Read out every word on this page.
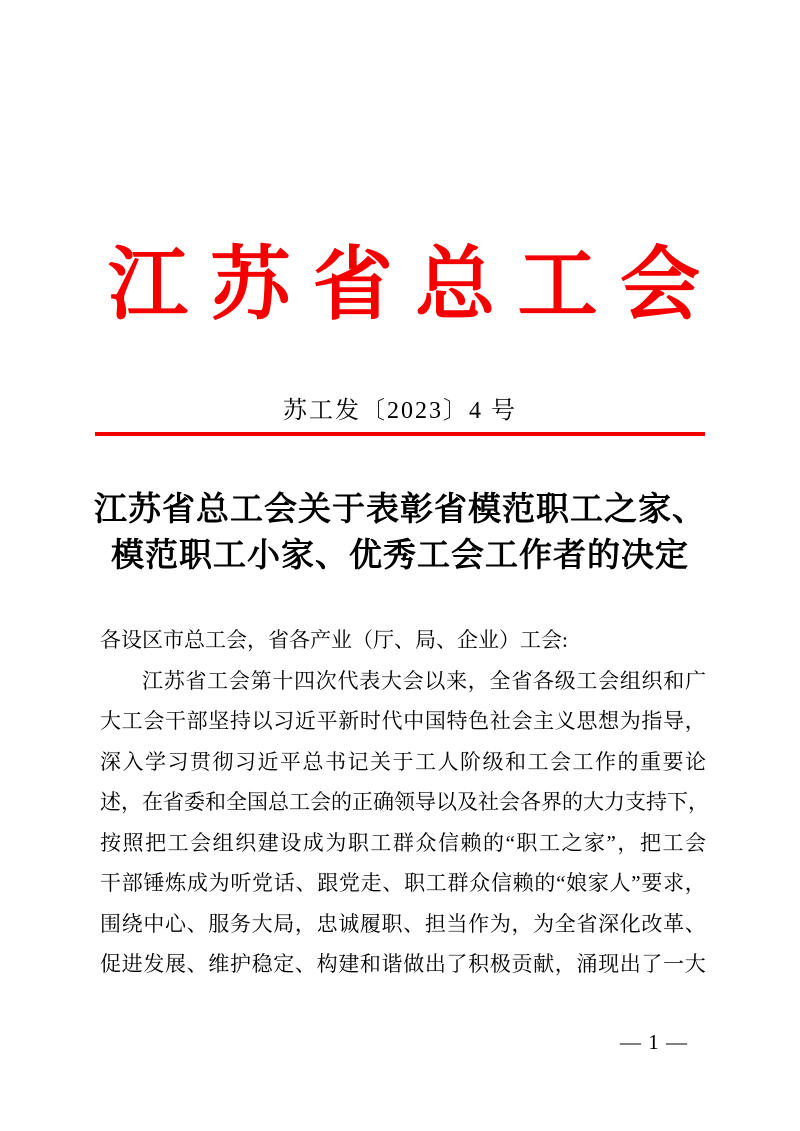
江 苏 省 总 工 会
苏工发〔2023〕4 号
江苏省总工会关于表彰省模范职工之家、
模范职工小家、优秀工会工作者的决定
各设区市总工会，省各产业（厅、局、企业）工会:
江 苏 省 工 会 第 十 四 次 代 表 大 会 以 来 ， 全 省 各 级 工 会 组 织 和 广
大 工 会 干 部 坚 持 以 习 近 平 新 时 代 中 国 特 色 社 会 主 义 思 想 为 指 导 ，
深 入 学 习 贯 彻 习 近 平 总 书 记 关 于 工 人 阶 级 和 工 会 工 作 的 重 要 论
述 ， 在 省 委 和 全 国 总 工 会 的 正 确 领 导 以 及 社 会 各 界 的 大 力 支 持 下 ，
按 照 把 工 会 组 织 建 设 成 为 职 工 群 众 信 赖 的 “ 职 工 之 家 ” ， 把 工 会
干 部 锤 炼 成 为 听 党 话 、 跟 党 走 、 职 工 群 众 信 赖 的 “ 娘 家 人 ” 要 求 ，
围 绕 中 心 、 服 务 大 局 ， 忠 诚 履 职 、 担 当 作 为 ， 为 全 省 深 化 改 革 、
促 进 发 展 、 维 护 稳 定 、 构 建 和 谐 做 出 了 积 极 贡 献 ， 涌 现 出 了 一 大
— 1 —
